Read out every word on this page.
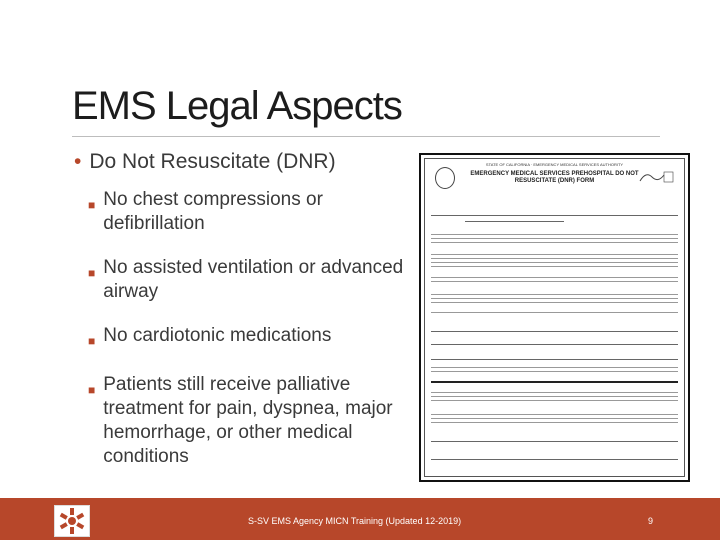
EMS Legal Aspects
• Do Not Resuscitate (DNR)
■ No chest compressions or defibrillation
■ No assisted ventilation or advanced airway
■ No cardiotonic medications
■ Patients still receive palliative treatment for pain, dyspnea, major hemorrhage, or other medical conditions
STATE OF CALIFORNIA · EMERGENCY MEDICAL SERVICES AUTHORITY
EMERGENCY MEDICAL SERVICES PREHOSPITAL DO NOT RESUSCITATE (DNR) FORM
S-SV EMS Agency MICN Training (Updated 12-2019)	9
